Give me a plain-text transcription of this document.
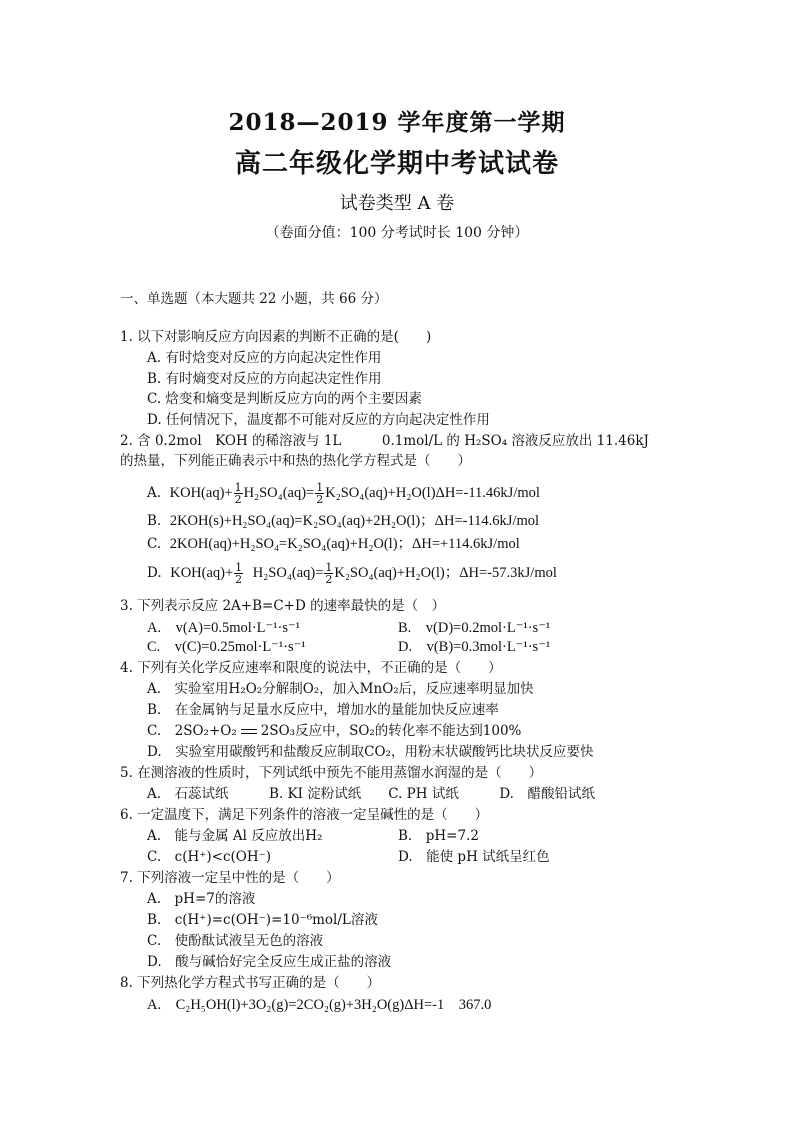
2018—2019 学年度第一学期
高二年级化学期中考试试卷
试卷类型 A 卷
（卷面分值：100 分考试时长 100 分钟）
一、单选题（本大题共 22 小题，共 66 分）
1. 以下对影响反应方向因素的判断不正确的是(　　)
A. 有时焓变对反应的方向起决定性作用
B. 有时熵变对反应的方向起决定性作用
C. 焓变和熵变是判断反应方向的两个主要因素
D. 任何情况下，温度都不可能对反应的方向起决定性作用
2. 含 0.2mol　KOH 的稀溶液与 1L　　　0.1mol/L 的 H₂SO₄ 溶液反应放出 11.46kJ
的热量，下列能正确表示中和热的热化学方程式是（　　）
A. $KOH(aq)+ \frac{1}{2} H_2SO_4(aq)= \frac{1}{2} K_2SO_4(aq)+H_2O(l)\Delta H=-11.46kJ/mol$
B. 2KOH(s)+H₂SO₄(aq)=K₂SO₄(aq)+2H₂O(l)；ΔH=-114.6kJ/mol
C. 2KOH(aq)+H₂SO₄=K₂SO₄(aq)+H₂O(l)；ΔH=+114.6kJ/mol
D. $KOH(aq)+ \frac{1}{2} H_2SO_4(aq)= \frac{1}{2} K_2SO_4(aq)+H_2O(l)$；ΔH=-57.3kJ/mol
3. 下列表示反应 2A+B=C+D 的速率最快的是（　）
A.　v(A)=0.5mol·L⁻¹·s⁻¹	B.　v(D)=0.2mol·L⁻¹·s⁻¹
C.　v(C)=0.25mol·L⁻¹·s⁻¹	D.　v(B)=0.3mol·L⁻¹·s⁻¹
4. 下列有关化学反应速率和限度的说法中，不正确的是（　　）
A.　实验室用H₂O₂分解制O₂，加入MnO₂后，反应速率明显加快
B.　在金属钠与足量水反应中，增加水的量能加快反应速率
C.　2SO₂+O₂ 2SO₃反应中，SO₂的转化率不能达到100%
D.　实验室用碳酸钙和盐酸反应制取CO₂，用粉末状碳酸钙比块状反应要快
5. 在测溶液的性质时，下列试纸中预先不能用蒸馏水润湿的是（　　）
A.　石蕊试纸　　　B. KI 淀粉试纸　　C. PH 试纸　　　D.　醋酸铅试纸
6. 一定温度下，满足下列条件的溶液一定呈碱性的是（　　）
A.　能与金属 Al 反应放出H₂	B.　pH=7.2
C.　c(H⁺)<c(OH⁻)	D.　能使 pH 试纸呈红色
7. 下列溶液一定呈中性的是（　　）
A.　pH=7的溶液
B.　c(H⁺)=c(OH⁻)=10⁻⁶mol/L溶液
C.　使酚酞试液呈无色的溶液
D.　酸与碱恰好完全反应生成正盐的溶液
8. 下列热化学方程式书写正确的是（　　）
A.　C₂H₅OH(l)+3O₂(g)=2CO₂(g)+3H₂O(g)ΔH=-1　367.0
